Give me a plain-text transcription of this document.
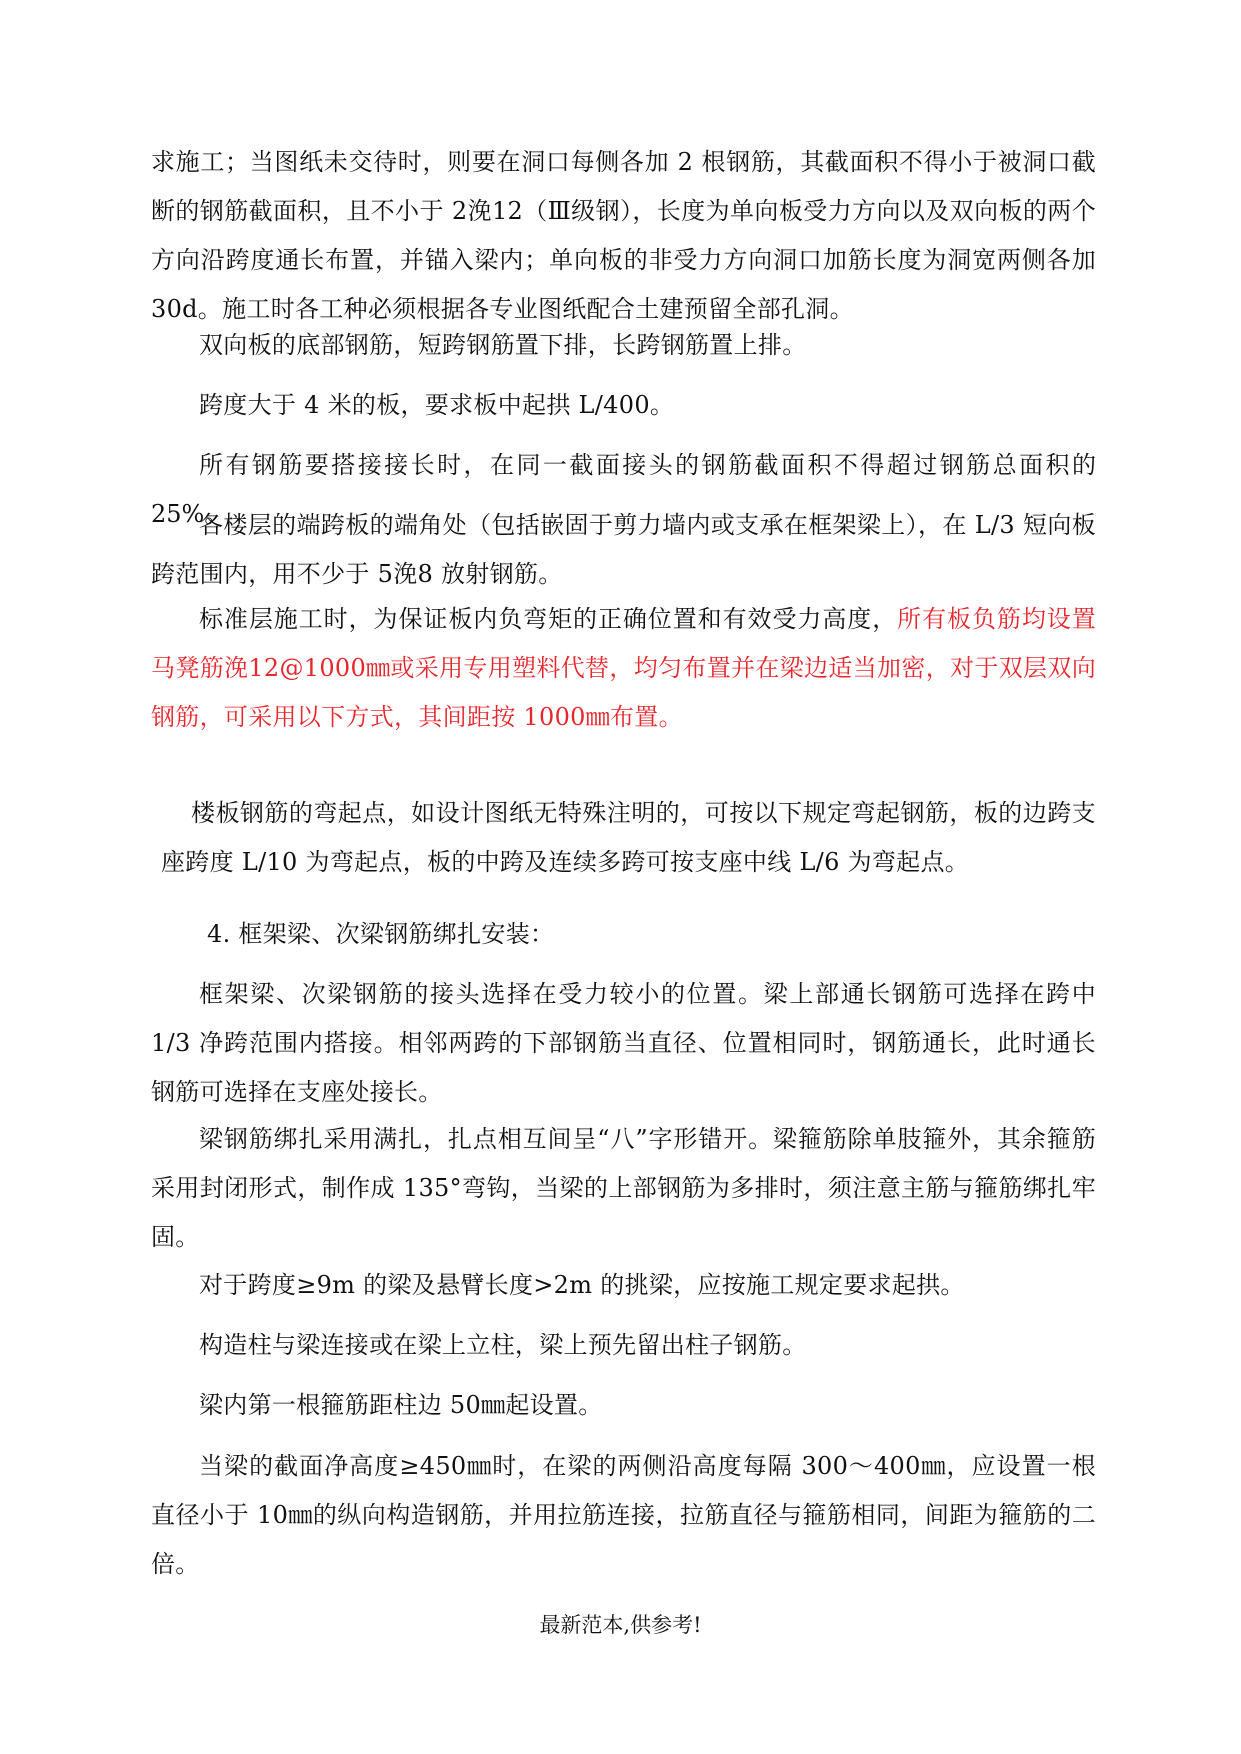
求施工；当图纸未交待时，则要在洞口每侧各加 2 根钢筋，其截面积不得小于被洞口截断的钢筋截面积，且不小于 2浼12（Ⅲ级钢），长度为单向板受力方向以及双向板的两个方向沿跨度通长布置，并锚入梁内；单向板的非受力方向洞口加筋长度为洞宽两侧各加 30d。施工时各工种必须根据各专业图纸配合土建预留全部孔洞。

双向板的底部钢筋，短跨钢筋置下排，长跨钢筋置上排。

跨度大于 4 米的板，要求板中起拱 L/400。

所有钢筋要搭接接长时，在同一截面接头的钢筋截面积不得超过钢筋总面积的 25%。

各楼层的端跨板的端角处（包括嵌固于剪力墙内或支承在框架梁上），在 L/3 短向板跨范围内，用不少于 5浼8 放射钢筋。

标准层施工时，为保证板内负弯矩的正确位置和有效受力高度，所有板负筋均设置马凳筋浼12@1000㎜或采用专用塑料代替，均匀布置并在梁边适当加密，对于双层双向钢筋，可采用以下方式，其间距按 1000㎜布置。

楼板钢筋的弯起点，如设计图纸无特殊注明的，可按以下规定弯起钢筋，板的边跨支座跨度 L/10 为弯起点，板的中跨及连续多跨可按支座中线 L/6 为弯起点。

4. 框架梁、次梁钢筋绑扎安装：

框架梁、次梁钢筋的接头选择在受力较小的位置。梁上部通长钢筋可选择在跨中 1/3 净跨范围内搭接。相邻两跨的下部钢筋当直径、位置相同时，钢筋通长，此时通长钢筋可选择在支座处接长。

梁钢筋绑扎采用满扎，扎点相互间呈“八”字形错开。梁箍筋除单肢箍外，其余箍筋采用封闭形式，制作成 135°弯钩，当梁的上部钢筋为多排时，须注意主筋与箍筋绑扎牢固。

对于跨度≥9m 的梁及悬臂长度>2m 的挑梁，应按施工规定要求起拱。

构造柱与梁连接或在梁上立柱，梁上预先留出柱子钢筋。

梁内第一根箍筋距柱边 50㎜起设置。

当梁的截面净高度≥450㎜时，在梁的两侧沿高度每隔 300～400㎜，应设置一根直径小于 10㎜的纵向构造钢筋，并用拉筋连接，拉筋直径与箍筋相同，间距为箍筋的二倍。

最新范本,供参考!
